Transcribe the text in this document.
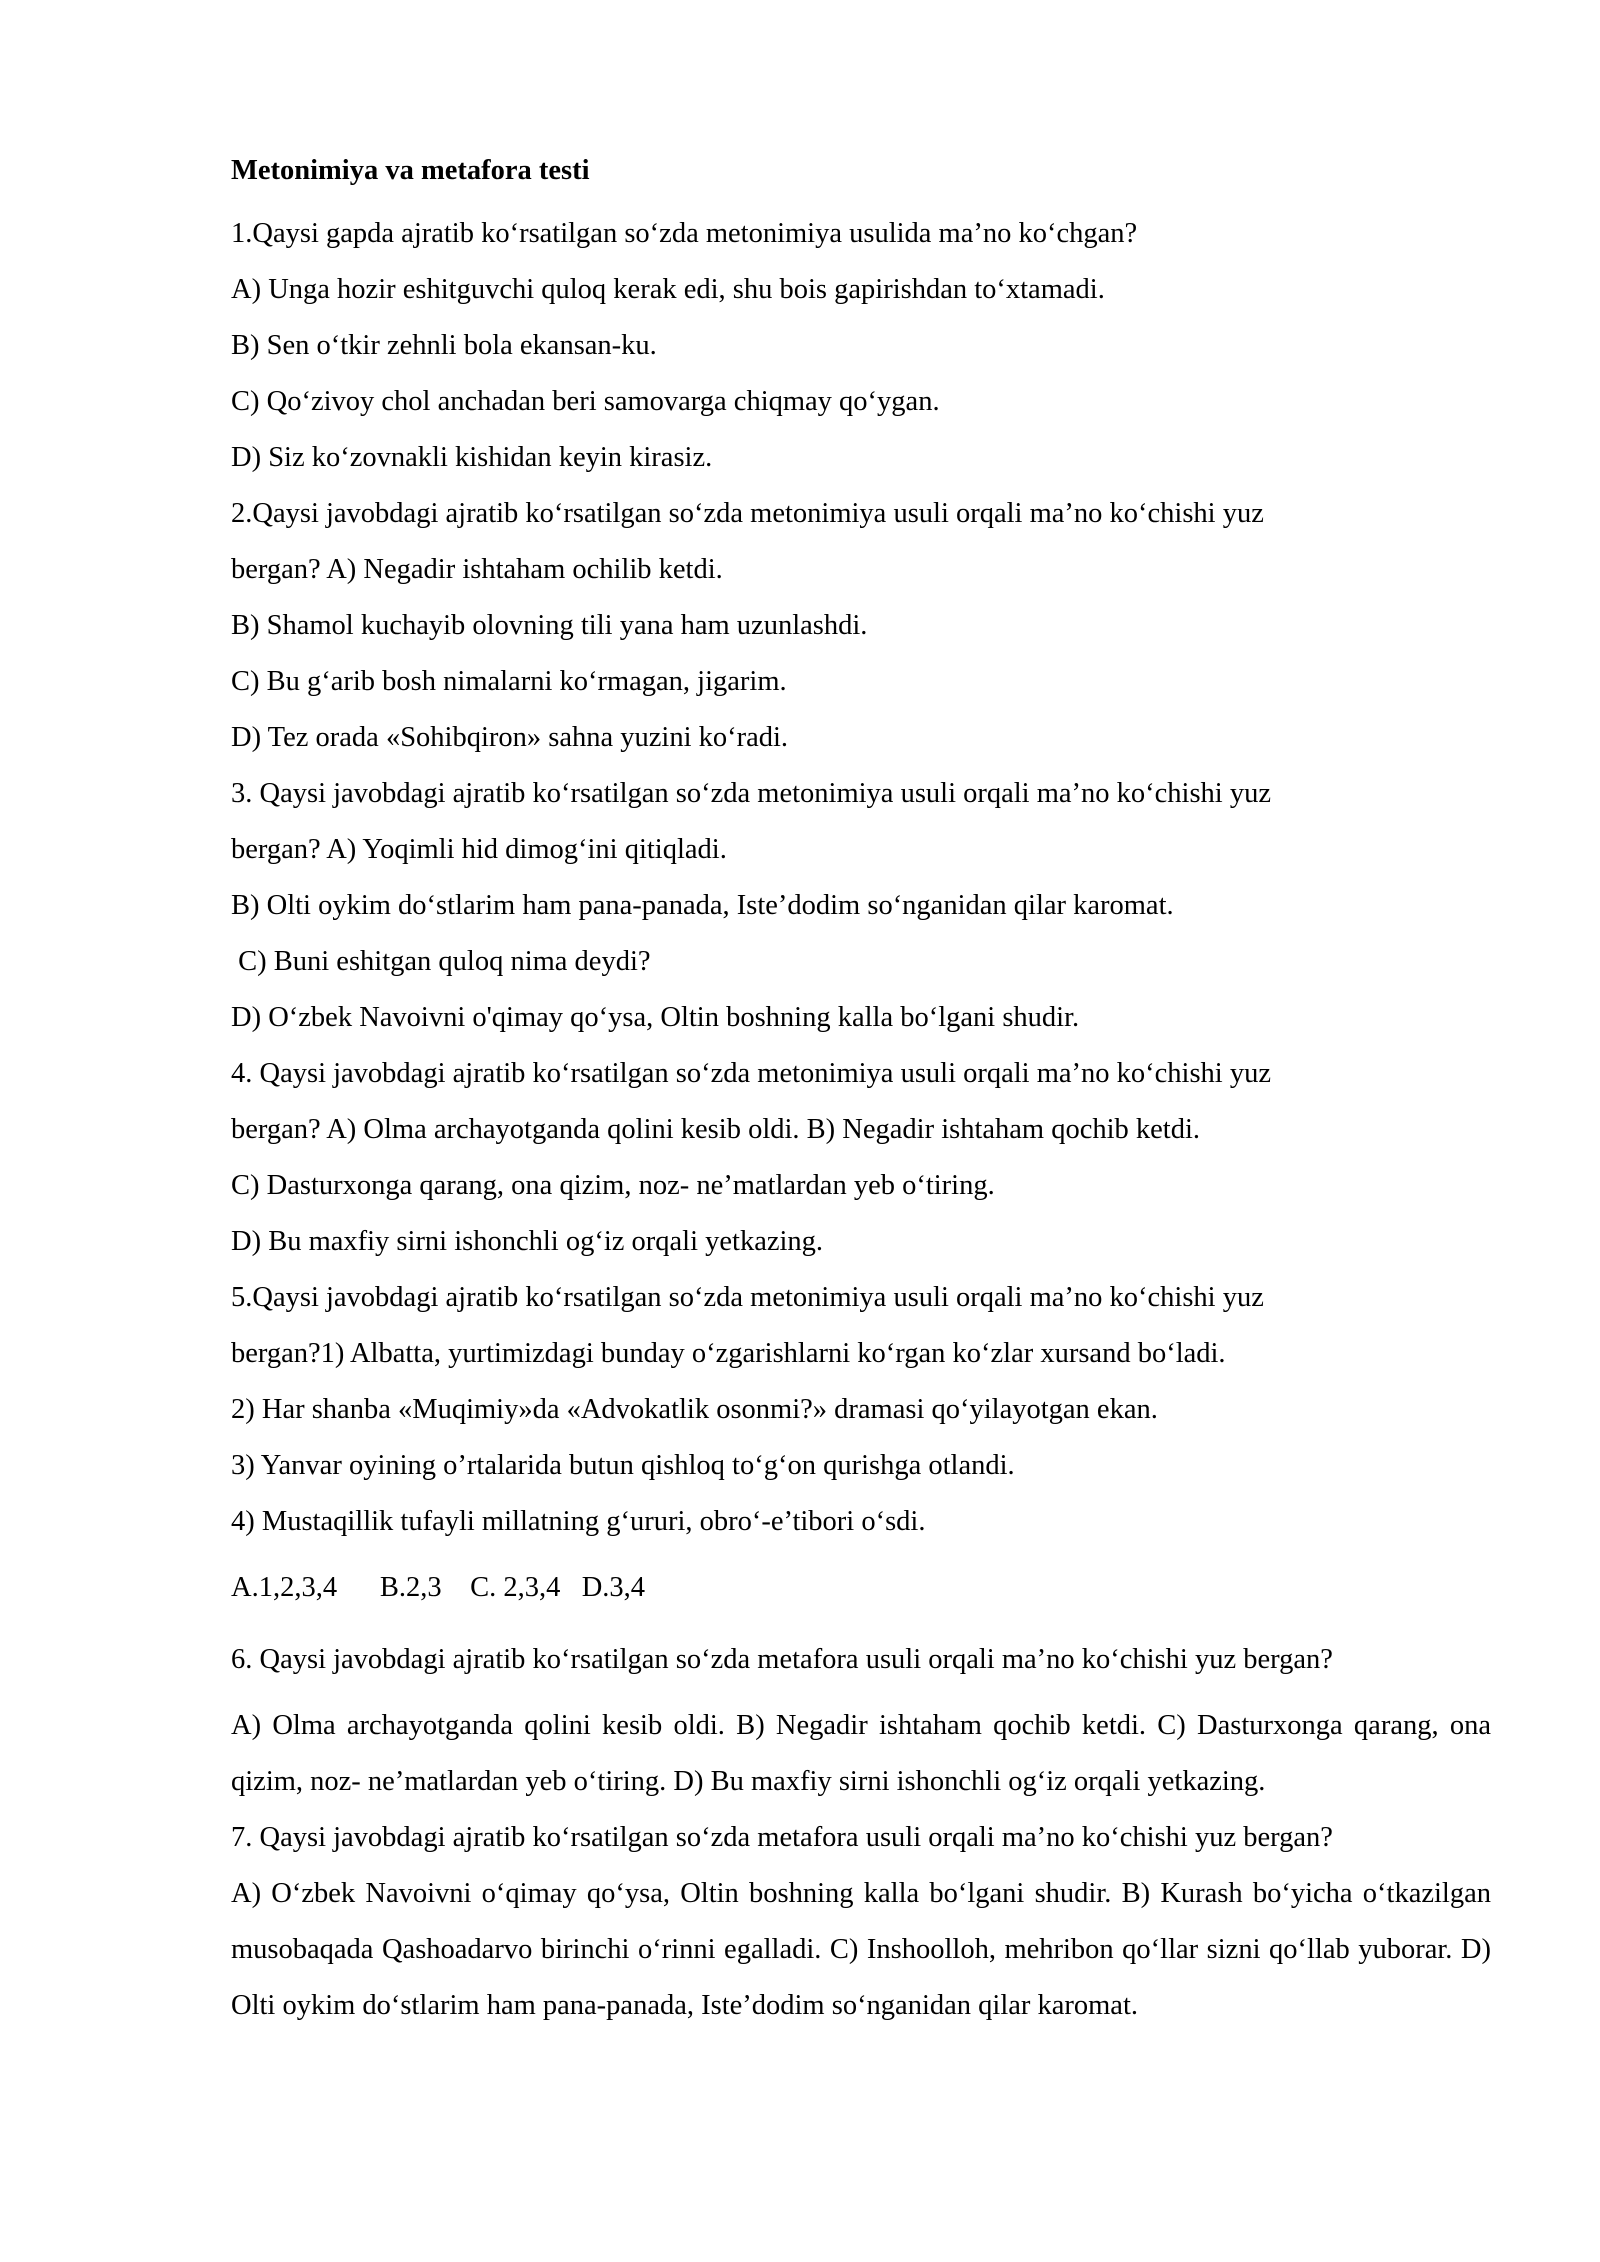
Metonimiya va metafora testi
1.Qaysi gapda ajratib ko‘rsatilgan so‘zda metonimiya usulida ma’no ko‘chgan?
A) Unga hozir eshitguvchi quloq kerak edi, shu bois gapirishdan to‘xtamadi.
B) Sen o‘tkir zehnli bola ekansan-ku.
C) Qo‘zivoy chol anchadan beri samovarga chiqmay qo‘ygan.
D) Siz ko‘zovnakli kishidan keyin kirasiz.
2.Qaysi javobdagi ajratib ko‘rsatilgan so‘zda metonimiya usuli orqali ma’no ko‘chishi yuz
bergan? A) Negadir ishtaham ochilib ketdi.
B) Shamol kuchayib olovning tili yana ham uzunlashdi.
C) Bu g‘arib bosh nimalarni ko‘rmagan, jigarim.
D) Tez orada «Sohibqiron» sahna yuzini ko‘radi.
3. Qaysi javobdagi ajratib ko‘rsatilgan so‘zda metonimiya usuli orqali ma’no ko‘chishi yuz
bergan? A) Yoqimli hid dimog‘ini qitiqladi.
B) Olti oykim do‘stlarim ham pana-panada, Iste’dodim so‘nganidan qilar karomat.
C) Buni eshitgan quloq nima deydi?
D) O‘zbek Navoivni o'qimay qo‘ysa, Oltin boshning kalla bo‘lgani shudir.
4. Qaysi javobdagi ajratib ko‘rsatilgan so‘zda metonimiya usuli orqali ma’no ko‘chishi yuz
bergan? A) Olma archayotganda qolini kesib oldi. B) Negadir ishtaham qochib ketdi.
C) Dasturxonga qarang, ona qizim, noz- ne’matlardan yeb o‘tiring.
D) Bu maxfiy sirni ishonchli og‘iz orqali yetkazing.
5.Qaysi javobdagi ajratib ko‘rsatilgan so‘zda metonimiya usuli orqali ma’no ko‘chishi yuz
bergan?1) Albatta, yurtimizdagi bunday o‘zgarishlarni ko‘rgan ko‘zlar xursand bo‘ladi.
2) Har shanba «Muqimiy»da «Advokatlik osonmi?» dramasi qo‘yilayotgan ekan.
3) Yanvar oyining o’rtalarida butun qishloq to‘g‘on qurishga otlandi.
4) Mustaqillik tufayli millatning g‘ururi, obro‘-e’tibori o‘sdi.
A.1,2,3,4      B.2,3    C. 2,3,4   D.3,4
6. Qaysi javobdagi ajratib ko‘rsatilgan so‘zda metafora usuli orqali ma’no ko‘chishi yuz bergan?
A) Olma archayotganda qolini kesib oldi. B) Negadir ishtaham qochib ketdi. C) Dasturxonga qarang, ona qizim, noz- ne’matlardan yeb o‘tiring. D) Bu maxfiy sirni ishonchli og‘iz orqali yetkazing.
7. Qaysi javobdagi ajratib ko‘rsatilgan so‘zda metafora usuli orqali ma’no ko‘chishi yuz bergan?
A) O‘zbek Navoivni o‘qimay qo‘ysa, Oltin boshning kalla bo‘lgani shudir. B) Kurash bo‘yicha o‘tkazilgan musobaqada Qashoadarvo birinchi o‘rinni egalladi. C) Inshoolloh, mehribon qo‘llar sizni qo‘llab yuborar. D) Olti oykim do‘stlarim ham pana-panada, Iste’dodim so‘nganidan qilar karomat.
